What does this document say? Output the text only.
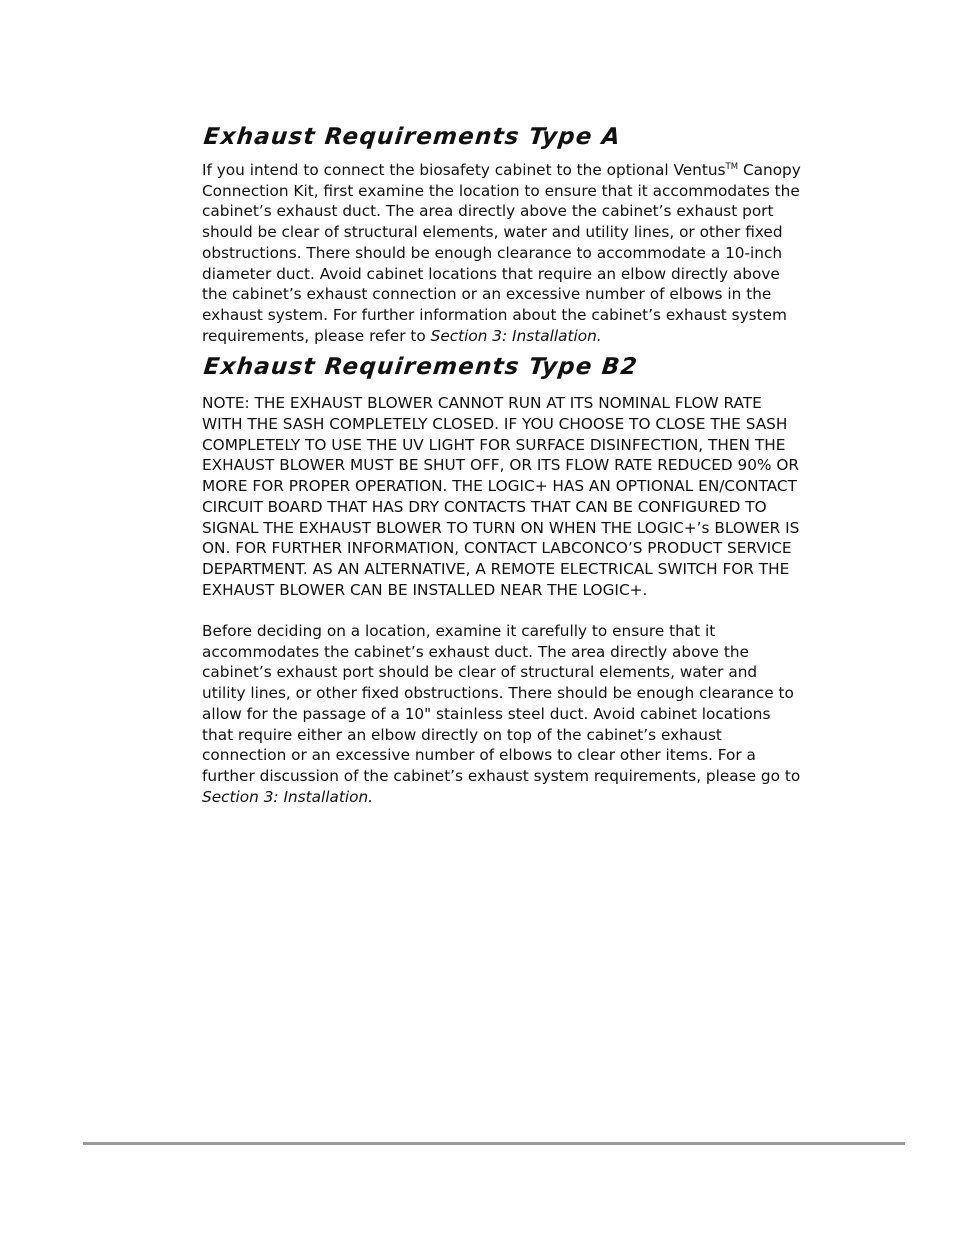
Exhaust Requirements Type A

If you intend to connect the biosafety cabinet to the optional Ventus™ Canopy Connection Kit, first examine the location to ensure that it accommodates the cabinet’s exhaust duct. The area directly above the cabinet’s exhaust port should be clear of structural elements, water and utility lines, or other fixed obstructions. There should be enough clearance to accommodate a 10-inch diameter duct. Avoid cabinet locations that require an elbow directly above the cabinet’s exhaust connection or an excessive number of elbows in the exhaust system. For further information about the cabinet’s exhaust system requirements, please refer to Section 3: Installation.

Exhaust Requirements Type B2

NOTE: THE EXHAUST BLOWER CANNOT RUN AT ITS NOMINAL FLOW RATE WITH THE SASH COMPLETELY CLOSED. IF YOU CHOOSE TO CLOSE THE SASH COMPLETELY TO USE THE UV LIGHT FOR SURFACE DISINFECTION, THEN THE EXHAUST BLOWER MUST BE SHUT OFF, OR ITS FLOW RATE REDUCED 90% OR MORE FOR PROPER OPERATION. THE LOGIC+ HAS AN OPTIONAL EN/CONTACT CIRCUIT BOARD THAT HAS DRY CONTACTS THAT CAN BE CONFIGURED TO SIGNAL THE EXHAUST BLOWER TO TURN ON WHEN THE LOGIC+’s BLOWER IS ON. FOR FURTHER INFORMATION, CONTACT LABCONCO’S PRODUCT SERVICE DEPARTMENT. AS AN ALTERNATIVE, A REMOTE ELECTRICAL SWITCH FOR THE EXHAUST BLOWER CAN BE INSTALLED NEAR THE LOGIC+.

Before deciding on a location, examine it carefully to ensure that it accommodates the cabinet’s exhaust duct. The area directly above the cabinet’s exhaust port should be clear of structural elements, water and utility lines, or other fixed obstructions. There should be enough clearance to allow for the passage of a 10" stainless steel duct. Avoid cabinet locations that require either an elbow directly on top of the cabinet’s exhaust connection or an excessive number of elbows to clear other items. For a further discussion of the cabinet’s exhaust system requirements, please go to Section 3: Installation.
